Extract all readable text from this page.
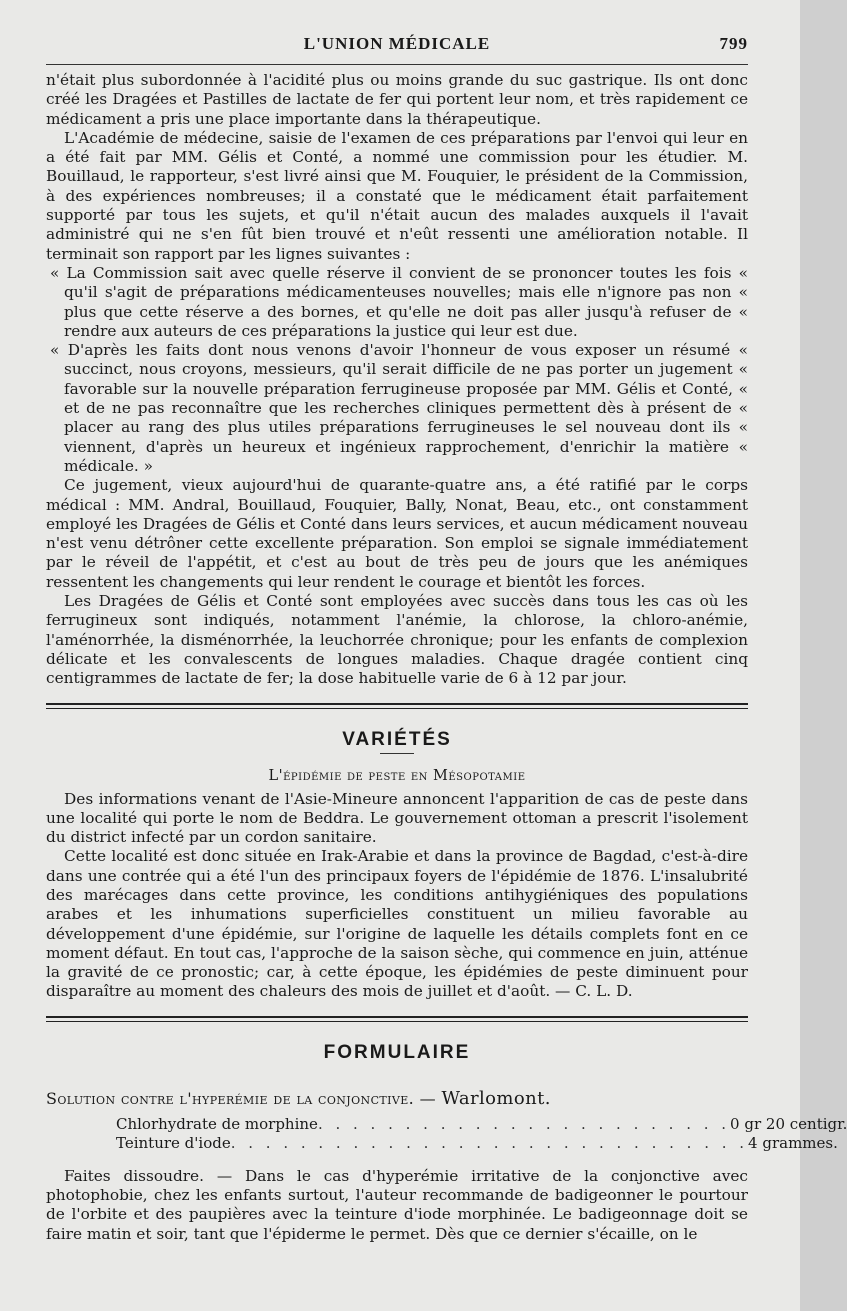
L'UNION MÉDICALE	799

n'était plus subordonnée à l'acidité plus ou moins grande du suc gastrique. Ils ont donc créé les Dragées et Pastilles de lactate de fer qui portent leur nom, et très rapidement ce médicament a pris une place importante dans la thérapeutique.

L'Académie de médecine, saisie de l'examen de ces préparations par l'envoi qui leur en a été fait par MM. Gélis et Conté, a nommé une commission pour les étudier. M. Bouillaud, le rapporteur, s'est livré ainsi que M. Fouquier, le président de la Commission, à des expériences nombreuses; il a constaté que le médicament était parfaitement supporté par tous les sujets, et qu'il n'était aucun des malades auxquels il l'avait administré qui ne s'en fût bien trouvé et n'eût ressenti une amélioration notable. Il terminait son rapport par les lignes suivantes :

« La Commission sait avec quelle réserve il convient de se prononcer toutes les fois « qu'il s'agit de préparations médicamenteuses nouvelles; mais elle n'ignore pas non « plus que cette réserve a des bornes, et qu'elle ne doit pas aller jusqu'à refuser de « rendre aux auteurs de ces préparations la justice qui leur est due.

« D'après les faits dont nous venons d'avoir l'honneur de vous exposer un résumé « succinct, nous croyons, messieurs, qu'il serait difficile de ne pas porter un jugement « favorable sur la nouvelle préparation ferrugineuse proposée par MM. Gélis et Conté, « et de ne pas reconnaître que les recherches cliniques permettent dès à présent de « placer au rang des plus utiles préparations ferrugineuses le sel nouveau dont ils « viennent, d'après un heureux et ingénieux rapprochement, d'enrichir la matière « médicale. »

Ce jugement, vieux aujourd'hui de quarante-quatre ans, a été ratifié par le corps médical : MM. Andral, Bouillaud, Fouquier, Bally, Nonat, Beau, etc., ont constamment employé les Dragées de Gélis et Conté dans leurs services, et aucun médicament nouveau n'est venu détrôner cette excellente préparation. Son emploi se signale immédiatement par le réveil de l'appétit, et c'est au bout de très peu de jours que les anémiques ressentent les changements qui leur rendent le courage et bientôt les forces.

Les Dragées de Gélis et Conté sont employées avec succès dans tous les cas où les ferrugineux sont indiqués, notamment l'anémie, la chlorose, la chloro-anémie, l'aménorrhée, la disménorrhée, la leuchorrée chronique; pour les enfants de complexion délicate et les convalescents de longues maladies. Chaque dragée contient cinq centigrammes de lactate de fer; la dose habituelle varie de 6 à 12 par jour.

VARIÉTÉS
L'épidémie de peste en Mésopotamie

Des informations venant de l'Asie-Mineure annoncent l'apparition de cas de peste dans une localité qui porte le nom de Beddra. Le gouvernement ottoman a prescrit l'isolement du district infecté par un cordon sanitaire.

Cette localité est donc située en Irak-Arabie et dans la province de Bagdad, c'est-à-dire dans une contrée qui a été l'un des principaux foyers de l'épidémie de 1876. L'insalubrité des marécages dans cette province, les conditions antihygiéniques des populations arabes et les inhumations superficielles constituent un milieu favorable au développement d'une épidémie, sur l'origine de laquelle les détails complets font en ce moment défaut. En tout cas, l'approche de la saison sèche, qui commence en juin, atténue la gravité de ce pronostic; car, à cette époque, les épidémies de peste diminuent pour disparaître au moment des chaleurs des mois de juillet et d'août. — C. L. D.

FORMULAIRE
Solution contre l'hyperémie de la conjonctive. — Warlomont.
Chlorhydrate de morphine . . . . . . . . . . . . . . . . . . . . . . . . 0 gr 20 centigr.
Teinture d'iode . . . . . . . . . . . . . . . . . . . . . . . . . . . . . . 4 grammes.

Faites dissoudre. — Dans le cas d'hyperémie irritative de la conjonctive avec photophobie, chez les enfants surtout, l'auteur recommande de badigeonner le pourtour de l'orbite et des paupières avec la teinture d'iode morphinée. Le badigeonnage doit se faire matin et soir, tant que l'épiderme le permet. Dès que ce dernier s'écaille, on le
